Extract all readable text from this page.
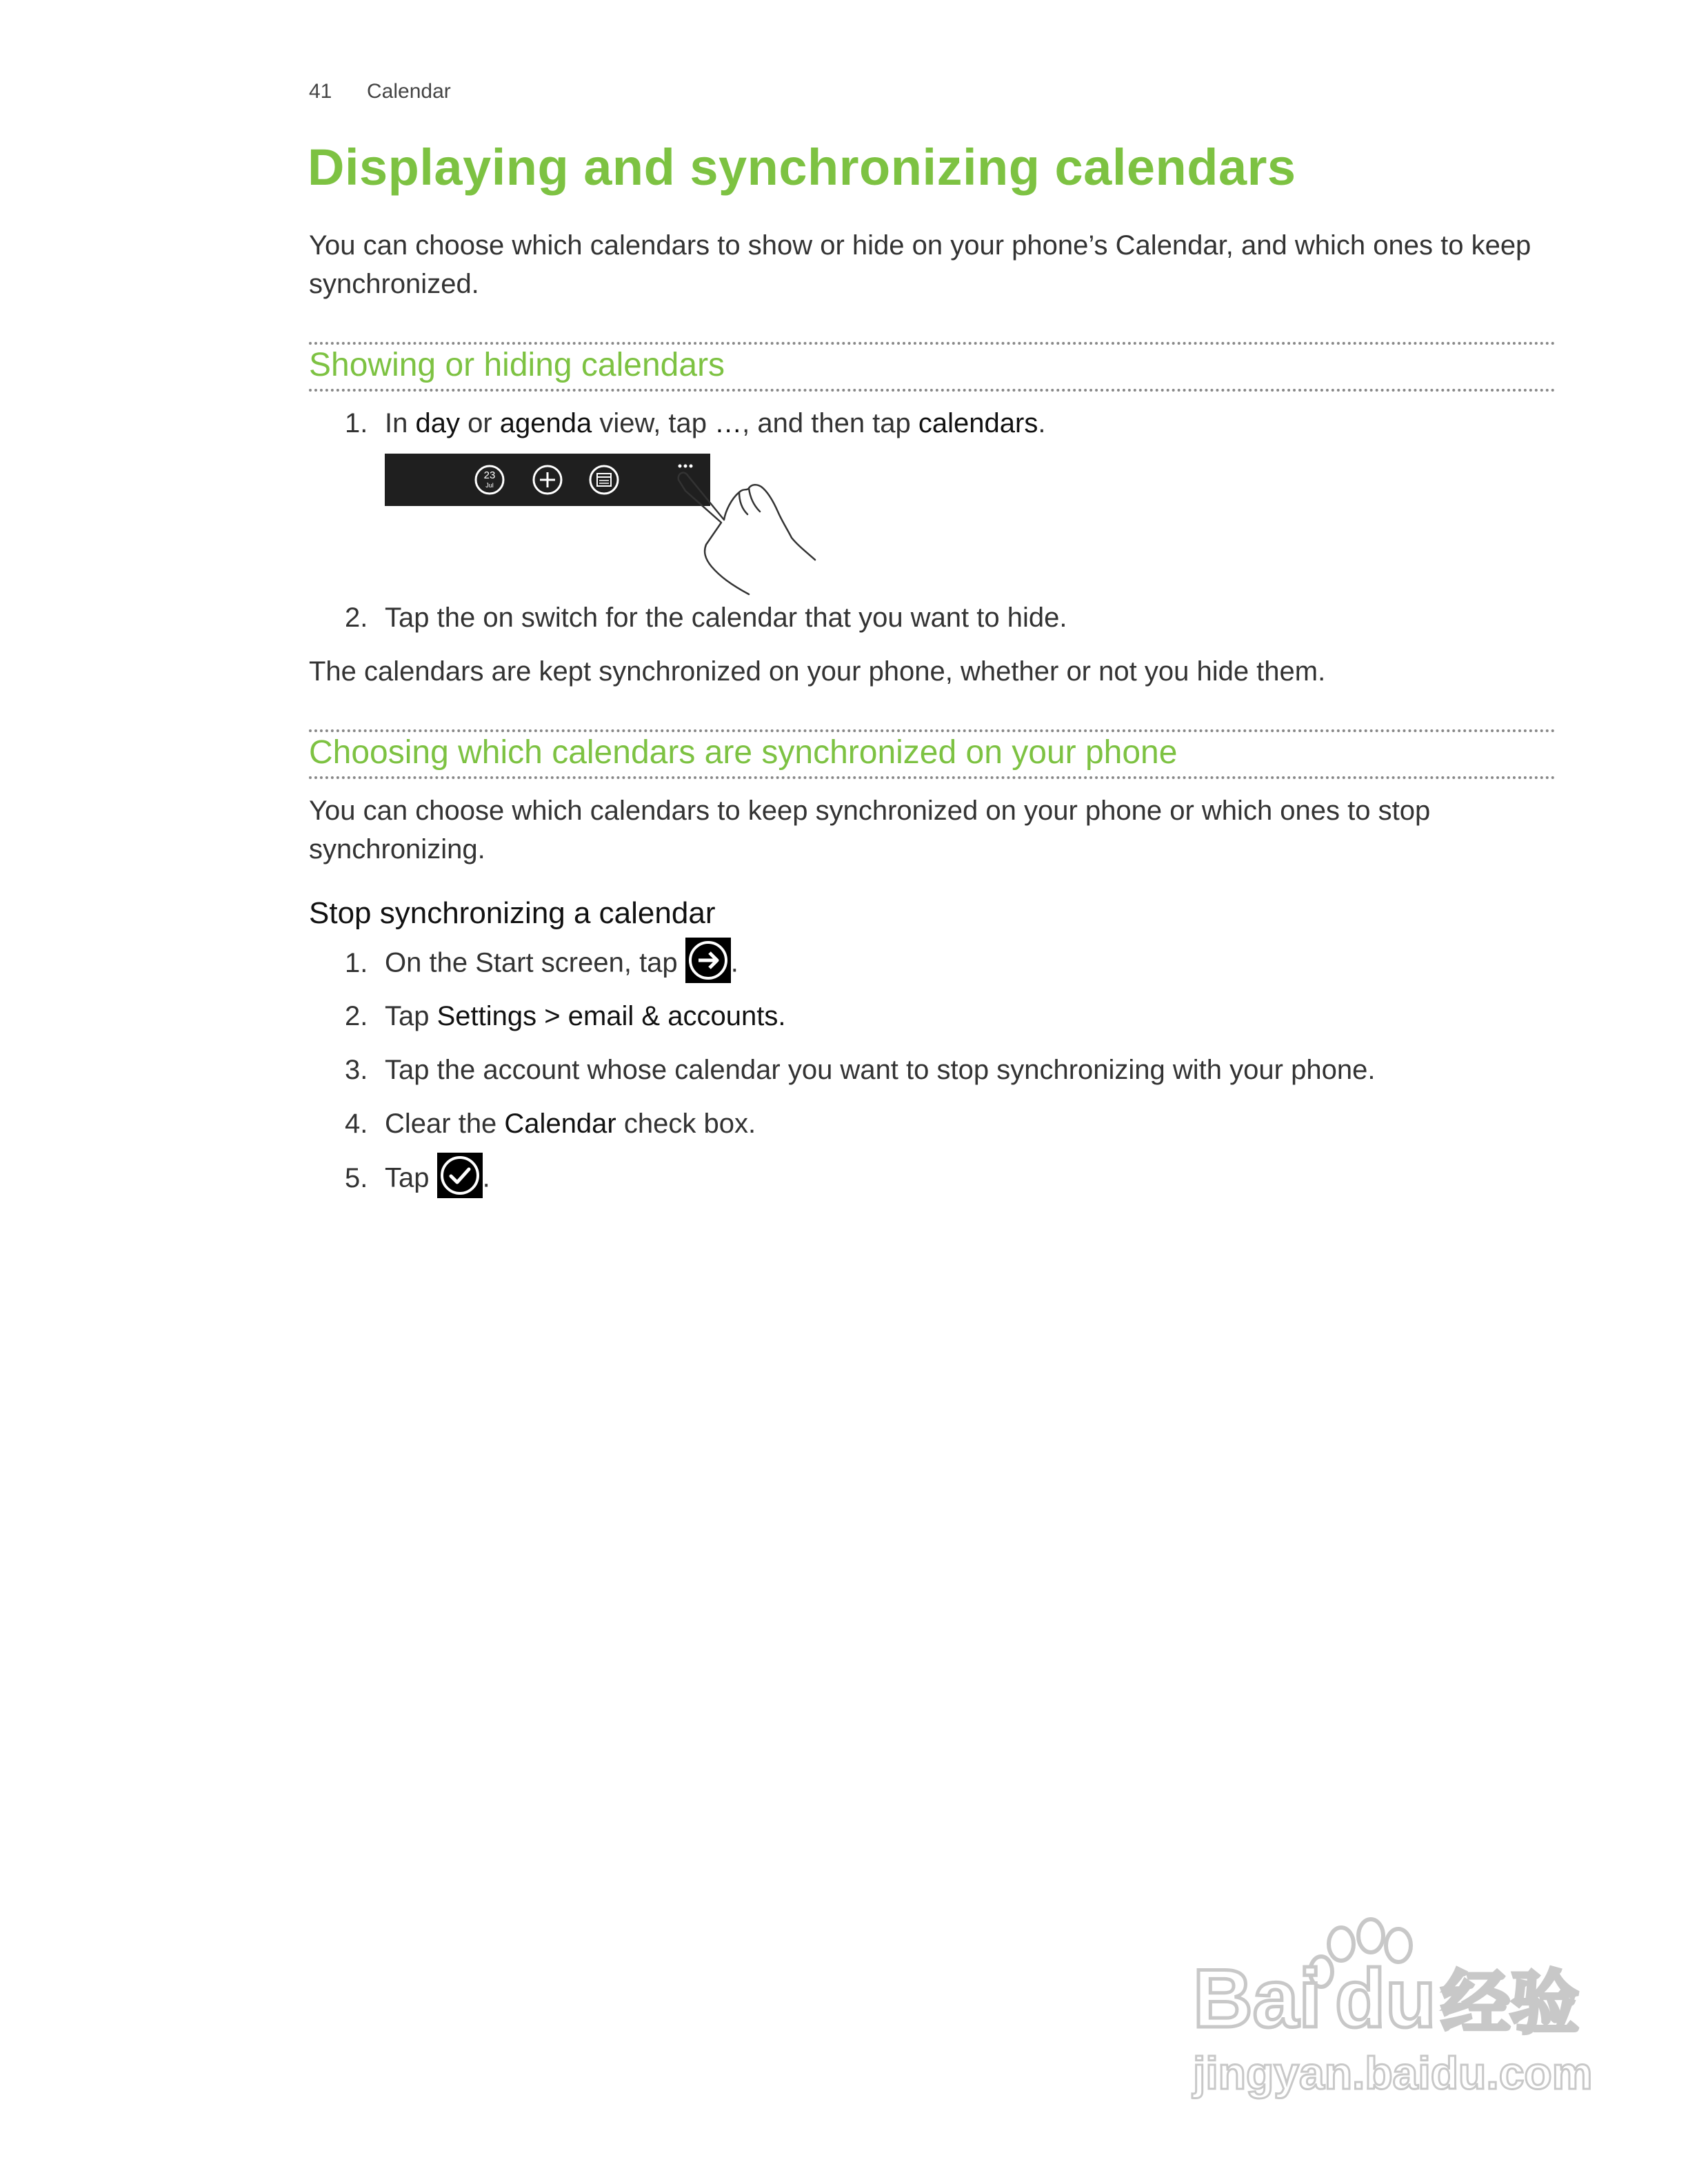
41 Calendar
Displaying and synchronizing calendars

You can choose which calendars to show or hide on your phone’s Calendar, and which ones to keep synchronized.

Showing or hiding calendars
1. In day or agenda view, tap …, and then tap calendars.
23
Jul
2. Tap the on switch for the calendar that you want to hide.

The calendars are kept synchronized on your phone, whether or not you hide them.

Choosing which calendars are synchronized on your phone

You can choose which calendars to keep synchronized on your phone or which ones to stop synchronizing.

Stop synchronizing a calendar
1. On the Start screen, tap
.
2. Tap Settings > email & accounts.
3. Tap the account whose calendar you want to stop synchronizing with your phone.
4. Clear the Calendar check box.
5. Tap
.
Bai du 经验
jingyan.baidu.com
